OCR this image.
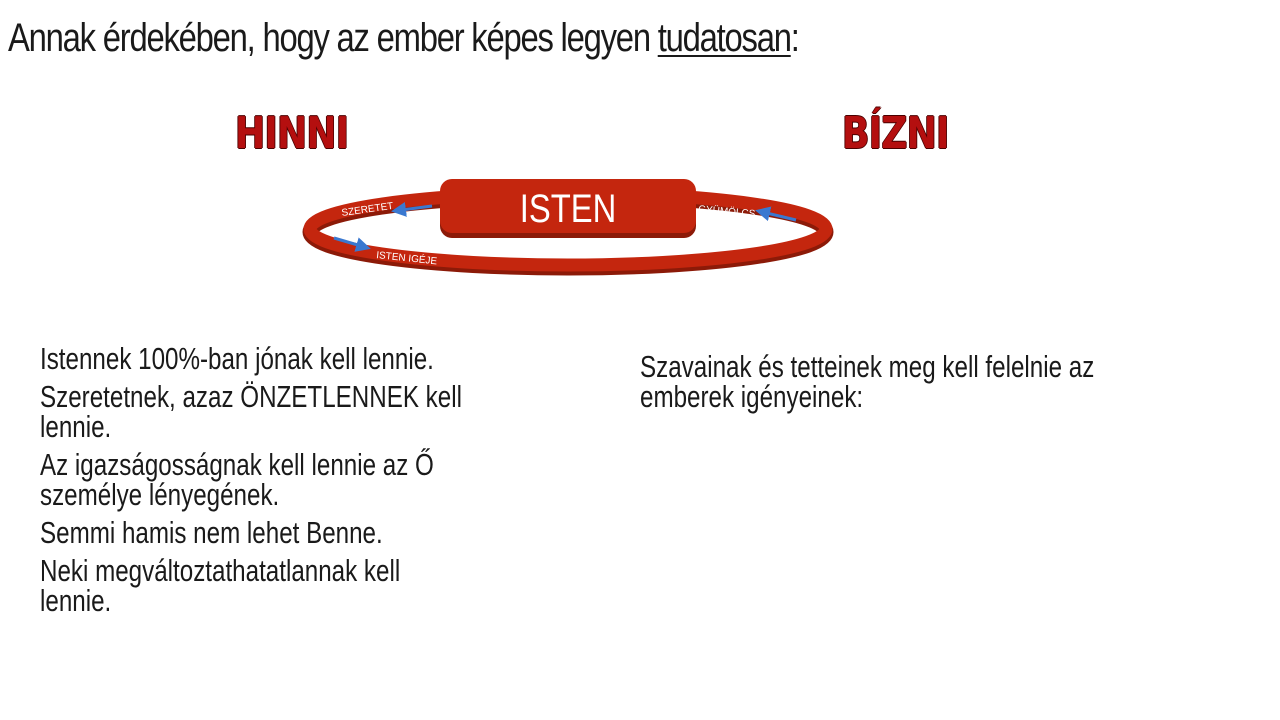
Annak érdekében, hogy az ember képes legyen tudatosan:
HINNI	BÍZNI
ISTEN
SZERETET
ISTEN IGÉJE
GYÜMÖLCS
Istennek 100%-ban jónak kell lennie.
Szeretetnek, azaz ÖNZETLENNEK kell
lennie.
Az igazságosságnak kell lennie az Ő
személye lényegének.
Semmi hamis nem lehet Benne.
Neki megváltoztathatatlannak kell
lennie.
Szavainak és tetteinek meg kell felelnie az
emberek igényeinek:
